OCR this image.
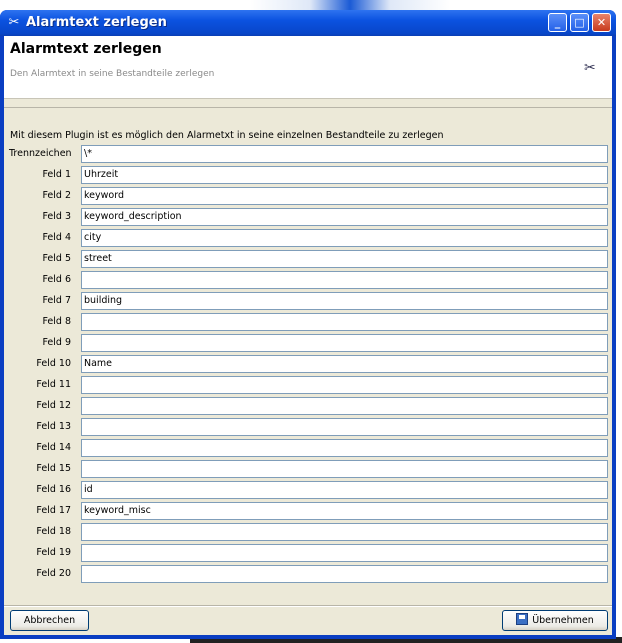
✂ Alarmtext zerlegen	_	□	✕
Alarmtext zerlegen
Den Alarmtext in seine Bestandteile zerlegen	✂
Mit diesem Plugin ist es möglich den Alarmetxt in seine einzelnen Bestandteile zu zerlegen
Trennzeichen	\*
Feld 1	Uhrzeit
Feld 2	keyword
Feld 3	keyword_description
Feld 4	city
Feld 5	street
Feld 6
Feld 7	building
Feld 8
Feld 9
Feld 10	Name
Feld 11
Feld 12
Feld 13
Feld 14
Feld 15
Feld 16	id
Feld 17	keyword_misc
Feld 18
Feld 19
Feld 20
Abbrechen	Übernehmen
